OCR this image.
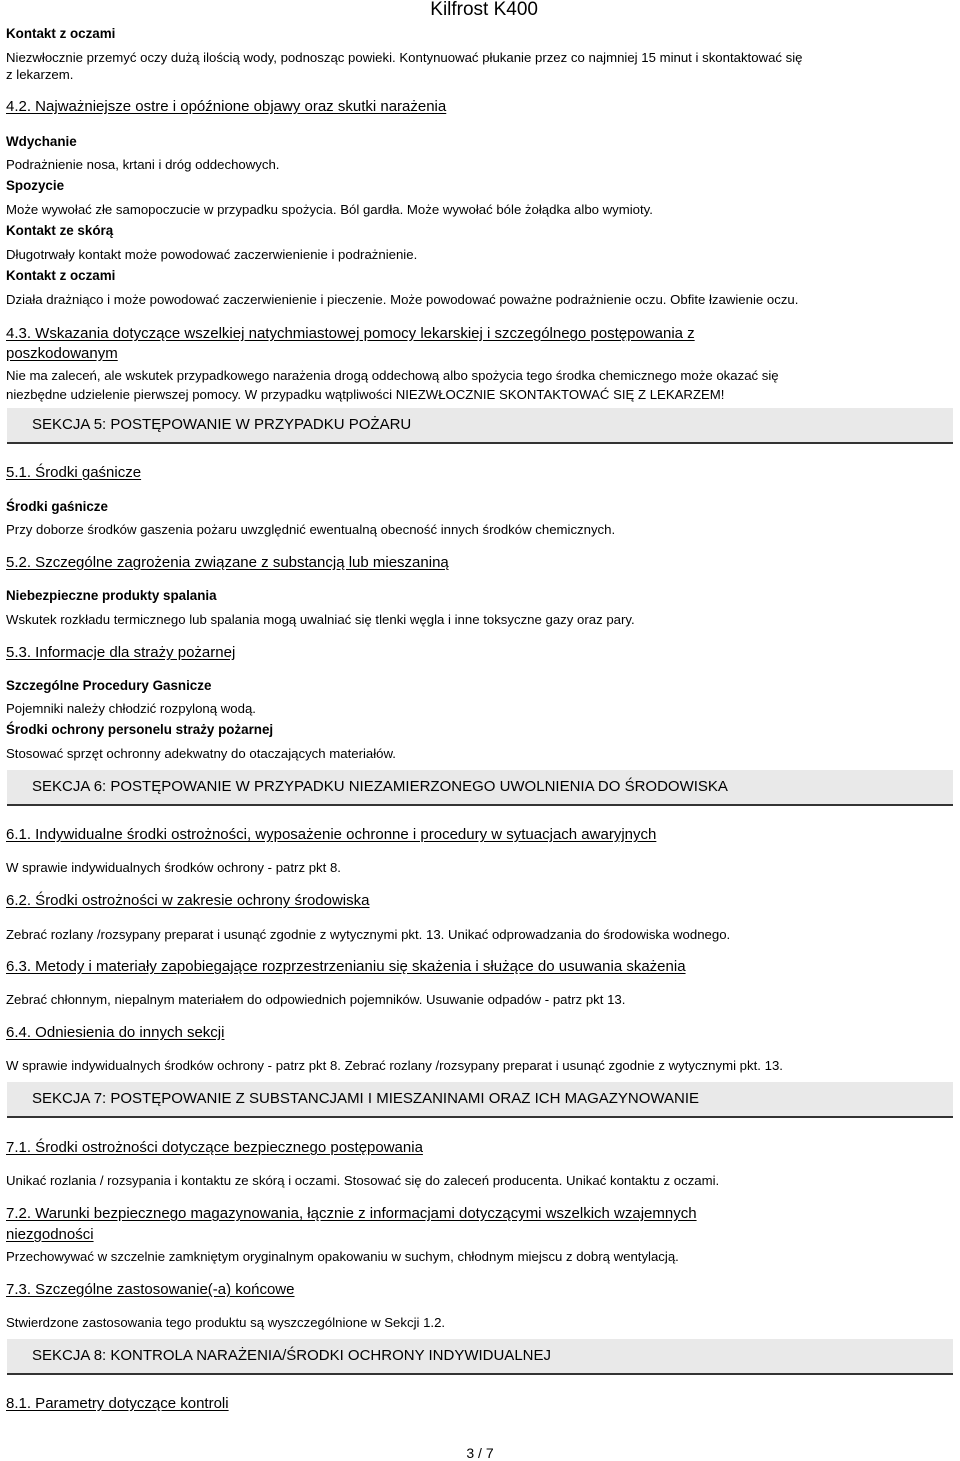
Kilfrost K400
Kontakt z oczami
Niezwłocznie przemyć oczy dużą ilością wody, podnosząc powieki. Kontynuować płukanie przez co najmniej 15 minut i skontaktować się
z lekarzem.
4.2. Najważniejsze ostre i opóźnione objawy oraz skutki narażenia
Wdychanie
Podrażnienie nosa, krtani i dróg oddechowych.
Spozycie
Może wywołać złe samopoczucie w przypadku spożycia. Ból gardła. Może wywołać bóle żołądka albo wymioty.
Kontakt ze skórą
Długotrwały kontakt może powodować zaczerwienienie i podrażnienie.
Kontakt z oczami
Działa drażniąco i może powodować zaczerwienienie i pieczenie. Może powodować poważne podrażnienie oczu. Obfite łzawienie oczu.
4.3. Wskazania dotyczące wszelkiej natychmiastowej pomocy lekarskiej i szczególnego postępowania z
poszkodowanym
Nie ma zaleceń, ale wskutek przypadkowego narażenia drogą oddechową albo spożycia tego środka chemicznego może okazać się
niezbędne udzielenie pierwszej pomocy. W przypadku wątpliwości NIEZWŁOCZNIE SKONTAKTOWAĆ SIĘ Z LEKARZEM!
SEKCJA 5: POSTĘPOWANIE W PRZYPADKU POŻARU
5.1. Środki gaśnicze
Środki gaśnicze
Przy doborze środków gaszenia pożaru uwzględnić ewentualną obecność innych środków chemicznych.
5.2. Szczególne zagrożenia związane z substancją lub mieszaniną
Niebezpieczne produkty spalania
Wskutek rozkładu termicznego lub spalania mogą uwalniać się tlenki węgla i inne toksyczne gazy oraz pary.
5.3. Informacje dla straży pożarnej
Szczególne Procedury Gasnicze
Pojemniki należy chłodzić rozpyloną wodą.
Środki ochrony personelu straży pożarnej
Stosować sprzęt ochronny adekwatny do otaczających materiałów.
SEKCJA 6: POSTĘPOWANIE W PRZYPADKU NIEZAMIERZONEGO UWOLNIENIA DO ŚRODOWISKA
6.1. Indywidualne środki ostrożności, wyposażenie ochronne i procedury w sytuacjach awaryjnych
W sprawie indywidualnych środków ochrony - patrz pkt 8.
6.2. Środki ostrożności w zakresie ochrony środowiska
Zebrać rozlany /rozsypany preparat i usunąć zgodnie z wytycznymi pkt. 13. Unikać odprowadzania do środowiska wodnego.
6.3. Metody i materiały zapobiegające rozprzestrzenianiu się skażenia i służące do usuwania skażenia
Zebrać chłonnym, niepalnym materiałem do odpowiednich pojemników. Usuwanie odpadów - patrz pkt 13.
6.4. Odniesienia do innych sekcji
W sprawie indywidualnych środków ochrony - patrz pkt 8. Zebrać rozlany /rozsypany preparat i usunąć zgodnie z wytycznymi pkt. 13.
SEKCJA 7: POSTĘPOWANIE Z SUBSTANCJAMI I MIESZANINAMI ORAZ ICH MAGAZYNOWANIE
7.1. Środki ostrożności dotyczące bezpiecznego postępowania
Unikać rozlania / rozsypania i kontaktu ze skórą i oczami. Stosować się do zaleceń producenta. Unikać kontaktu z oczami.
7.2. Warunki bezpiecznego magazynowania, łącznie z informacjami dotyczącymi wszelkich wzajemnych
niezgodności
Przechowywać w szczelnie zamkniętym oryginalnym opakowaniu w suchym, chłodnym miejscu z dobrą wentylacją.
7.3. Szczególne zastosowanie(-a) końcowe
Stwierdzone zastosowania tego produktu są wyszczególnione w Sekcji 1.2.
SEKCJA 8: KONTROLA NARAŻENIA/ŚRODKI OCHRONY INDYWIDUALNEJ
8.1. Parametry dotyczące kontroli
3 / 7
